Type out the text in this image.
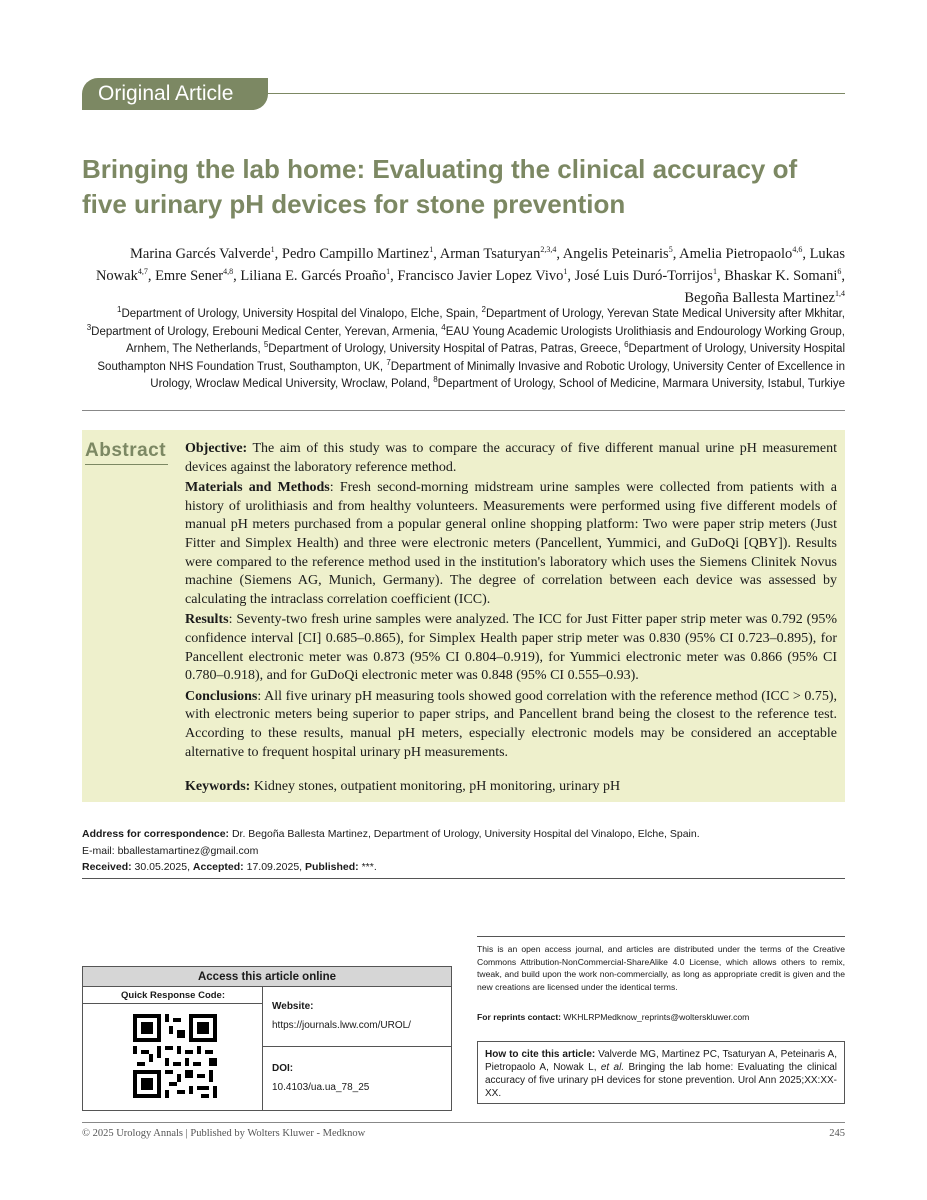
Original Article
Bringing the lab home: Evaluating the clinical accuracy of five urinary pH devices for stone prevention
Marina Garcés Valverde$^1$, Pedro Campillo Martinez$^1$, Arman Tsaturyan$^{2,3,4}$, Angelis Peteinaris$^5$, Amelia Pietropaolo$^{4,6}$, Lukas Nowak$^{4,7}$, Emre Sener$^{4,8}$, Liliana E. Garcés Proaño$^1$, Francisco Javier Lopez Vivo$^1$, José Luis Duró-Torrijos$^1$, Bhaskar K. Somani$^6$, Begoña Ballesta Martinez$^{1,4}$
$^1$Department of Urology, University Hospital del Vinalopo, Elche, Spain, $^2$Department of Urology, Yerevan State Medical University after Mkhitar, $^3$Department of Urology, Erebouni Medical Center, Yerevan, Armenia, $^4$EAU Young Academic Urologists Urolithiasis and Endourology Working Group, Arnhem, The Netherlands, $^5$Department of Urology, University Hospital of Patras, Patras, Greece, $^6$Department of Urology, University Hospital Southampton NHS Foundation Trust, Southampton, UK, $^7$Department of Minimally Invasive and Robotic Urology, University Center of Excellence in Urology, Wroclaw Medical University, Wroclaw, Poland, $^8$Department of Urology, School of Medicine, Marmara University, Istabul, Turkiye
Abstract Objective: The aim of this study was to compare the accuracy of five different manual urine pH measurement devices against the laboratory reference method.

Materials and Methods: Fresh second-morning midstream urine samples were collected from patients with a history of urolithiasis and from healthy volunteers. Measurements were performed using five different models of manual pH meters purchased from a popular general online shopping platform: Two were paper strip meters (Just Fitter and Simplex Health) and three were electronic meters (Pancellent, Yummici, and GuDoQi [QBY]). Results were compared to the reference method used in the institution's laboratory which uses the Siemens Clinitek Novus machine (Siemens AG, Munich, Germany). The degree of correlation between each device was assessed by calculating the intraclass correlation coefficient (ICC).

Results: Seventy-two fresh urine samples were analyzed. The ICC for Just Fitter paper strip meter was 0.792 (95% confidence interval [CI] 0.685–0.865), for Simplex Health paper strip meter was 0.830 (95% CI 0.723–0.895), for Pancellent electronic meter was 0.873 (95% CI 0.804–0.919), for Yummici electronic meter was 0.866 (95% CI 0.780–0.918), and for GuDoQi electronic meter was 0.848 (95% CI 0.555–0.93).

Conclusions: All five urinary pH measuring tools showed good correlation with the reference method (ICC > 0.75), with electronic meters being superior to paper strips, and Pancellent brand being the closest to the reference test. According to these results, manual pH meters, especially electronic models may be considered an acceptable alternative to frequent hospital urinary pH measurements.

Keywords: Kidney stones, outpatient monitoring, pH monitoring, urinary pH

Address for correspondence: Dr. Begoña Ballesta Martinez, Department of Urology, University Hospital del Vinalopo, Elche, Spain.
E-mail: bballestamartinez@gmail.com
Received: 30.05.2025, Accepted: 17.09.2025, Published: ***.
Access this article online
Quick Response Code:
Website:
https://journals.lww.com/UROL/
DOI:
10.4103/ua.ua_78_25
This is an open access journal, and articles are distributed under the terms of the Creative Commons Attribution-NonCommercial-ShareAlike 4.0 License, which allows others to remix, tweak, and build upon the work non-commercially, as long as appropriate credit is given and the new creations are licensed under the identical terms.
For reprints contact: WKHLRPMedknow_reprints@wolterskluwer.com
How to cite this article: Valverde MG, Martinez PC, Tsaturyan A, Peteinaris A, Pietropaolo A, Nowak L, et al. Bringing the lab home: Evaluating the clinical accuracy of five urinary pH devices for stone prevention. Urol Ann 2025;XX:XX-XX.
© 2025 Urology Annals | Published by Wolters Kluwer - Medknow	245
